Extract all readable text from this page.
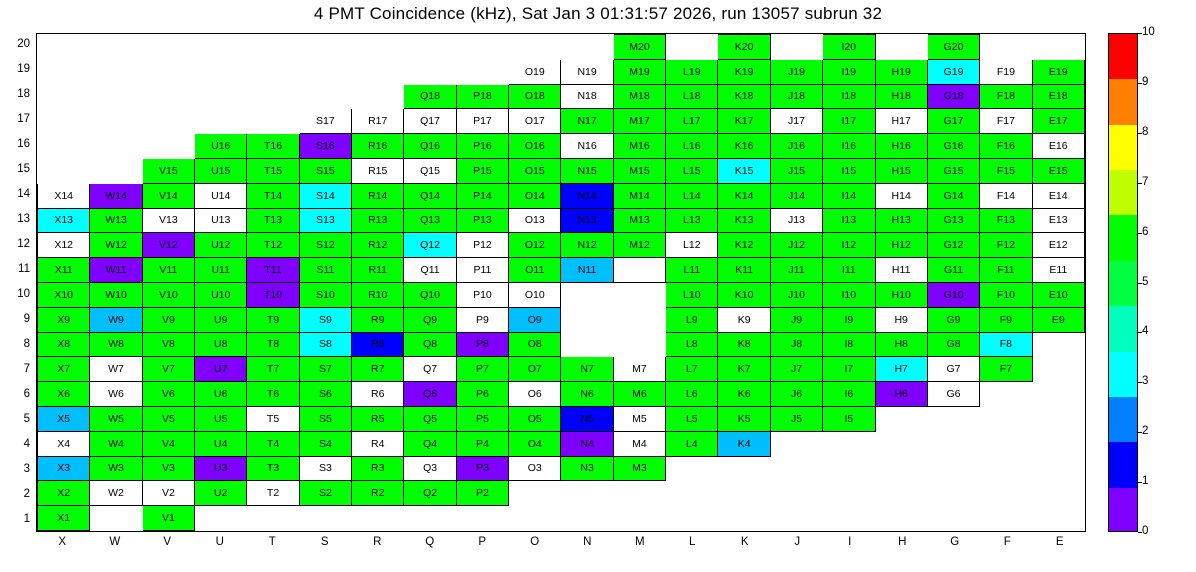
4 PMT Coincidence (kHz), Sat Jan 3 01:31:57 2026, run 13057 subrun 32
											M20		K20		I20		G20		
									O19	N19	M19	L19	K19	J19	I19	H19	G19	F19	E19
							Q18	P18	O18	N18	M18	L18	K18	J18	I18	H18	G18	F18	E18
					S17	R17	Q17	P17	O17	N17	M17	L17	K17	J17	I17	H17	G17	F17	E17
			U16	T16	S16	R16	Q16	P16	O16	N16	M16	L16	K16	J16	I16	H16	G16	F16	E16
		V15	U15	T15	S15	R15	Q15	P15	O15	N15	M15	L15	K15	J15	I15	H15	G15	F15	E15
X14	W14	V14	U14	T14	S14	R14	Q14	P14	O14	N14	M14	L14	K14	J14	I14	H14	G14	F14	E14
X13	W13	V13	U13	T13	S13	R13	Q13	P13	O13	N13	M13	L13	K13	J13	I13	H13	G13	F13	E13
X12	W12	V12	U12	T12	S12	R12	Q12	P12	O12	N12	M12	L12	K12	J12	I12	H12	G12	F12	E12
X11	W11	V11	U11	T11	S11	R11	Q11	P11	O11	N11		L11	K11	J11	I11	H11	G11	F11	E11
X10	W10	V10	U10	T10	S10	R10	Q10	P10	O10			L10	K10	J10	I10	H10	G10	F10	E10
X9	W9	V9	U9	T9	S9	R9	Q9	P9	O9			L9	K9	J9	I9	H9	G9	F9	E9
X8	W8	V8	U8	T8	S8	R8	Q8	P8	O8			L8	K8	J8	I8	H8	G8	F8	
X7	W7	V7	U7	T7	S7	R7	Q7	P7	O7	N7	M7	L7	K7	J7	I7	H7	G7	F7	
X6	W6	V6	U6	T6	S6	R6	Q6	P6	O6	N6	M6	L6	K6	J6	I6	H6	G6		
X5	W5	V5	U5	T5	S5	R5	Q5	P5	O5	N5	M5	L5	K5	J5	I5				
X4	W4	V4	U4	T4	S4	R4	Q4	P4	O4	N4	M4	L4	K4						
X3	W3	V3	U3	T3	S3	R3	Q3	P3	O3	N3	M3								
X2	W2	V2	U2	T2	S2	R2	Q2	P2											
X1		V1																	
20
19
18
17
16
15
14
13
12
11
10
9
8
7
6
5
4
3
2
1
X	W	V	U	T	S	R	Q	P	O	N	M	L	K	J	I	H	G	F	E
0
1
2
3
4
5
6
7
8
9
10
